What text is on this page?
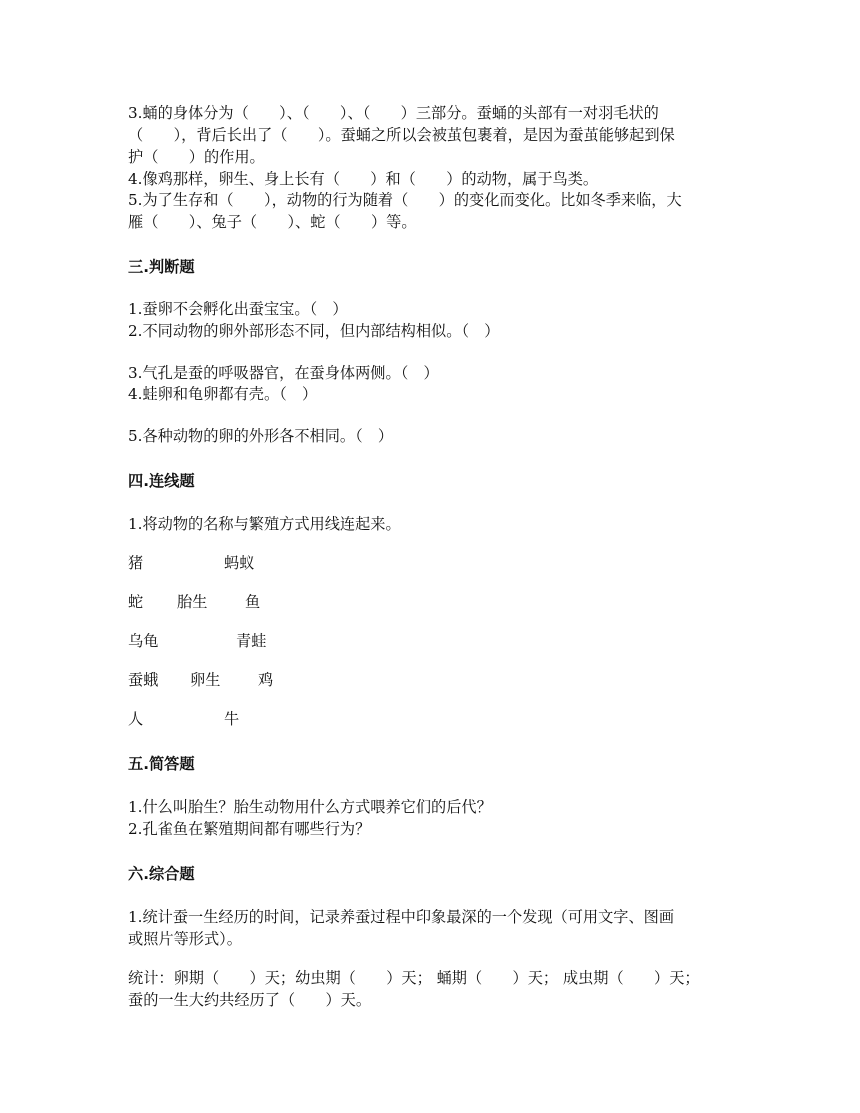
3.蛹的身体分为（　　）、（　　）、（　　）三部分。蚕蛹的头部有一对羽毛状的

（　　），背后长出了（　　）。蚕蛹之所以会被茧包裹着，是因为蚕茧能够起到保

护（　　）的作用。

4.像鸡那样，卵生、身上长有（　　）和（　　）的动物，属于鸟类。

5.为了生存和（　　），动物的行为随着（　　）的变化而变化。比如冬季来临，大

雁（　　）、兔子（　　）、蛇（　　）等。

三.判断题

1.蚕卵不会孵化出蚕宝宝。（　）

2.不同动物的卵外部形态不同，但内部结构相似。（　）

3.气孔是蚕的呼吸器官，在蚕身体两侧。（　）

4.蛙卵和龟卵都有壳。（　）

5.各种动物的卵的外形各不相同。（　）

四.连线题

1.将动物的名称与繁殖方式用线连起来。

猪	蚂蚁
蛇 胎生 鱼
乌龟	青蛙
蚕蛾 卵生 鸡
人	牛

五.简答题

1.什么叫胎生？胎生动物用什么方式喂养它们的后代？

2.孔雀鱼在繁殖期间都有哪些行为？

六.综合题

1.统计蚕一生经历的时间，记录养蚕过程中印象最深的一个发现（可用文字、图画

或照片等形式）。

统计：卵期（　　）天；幼虫期（　　）天； 蛹期（　　）天； 成虫期（　　）天；

蚕的一生大约共经历了（　　）天。
